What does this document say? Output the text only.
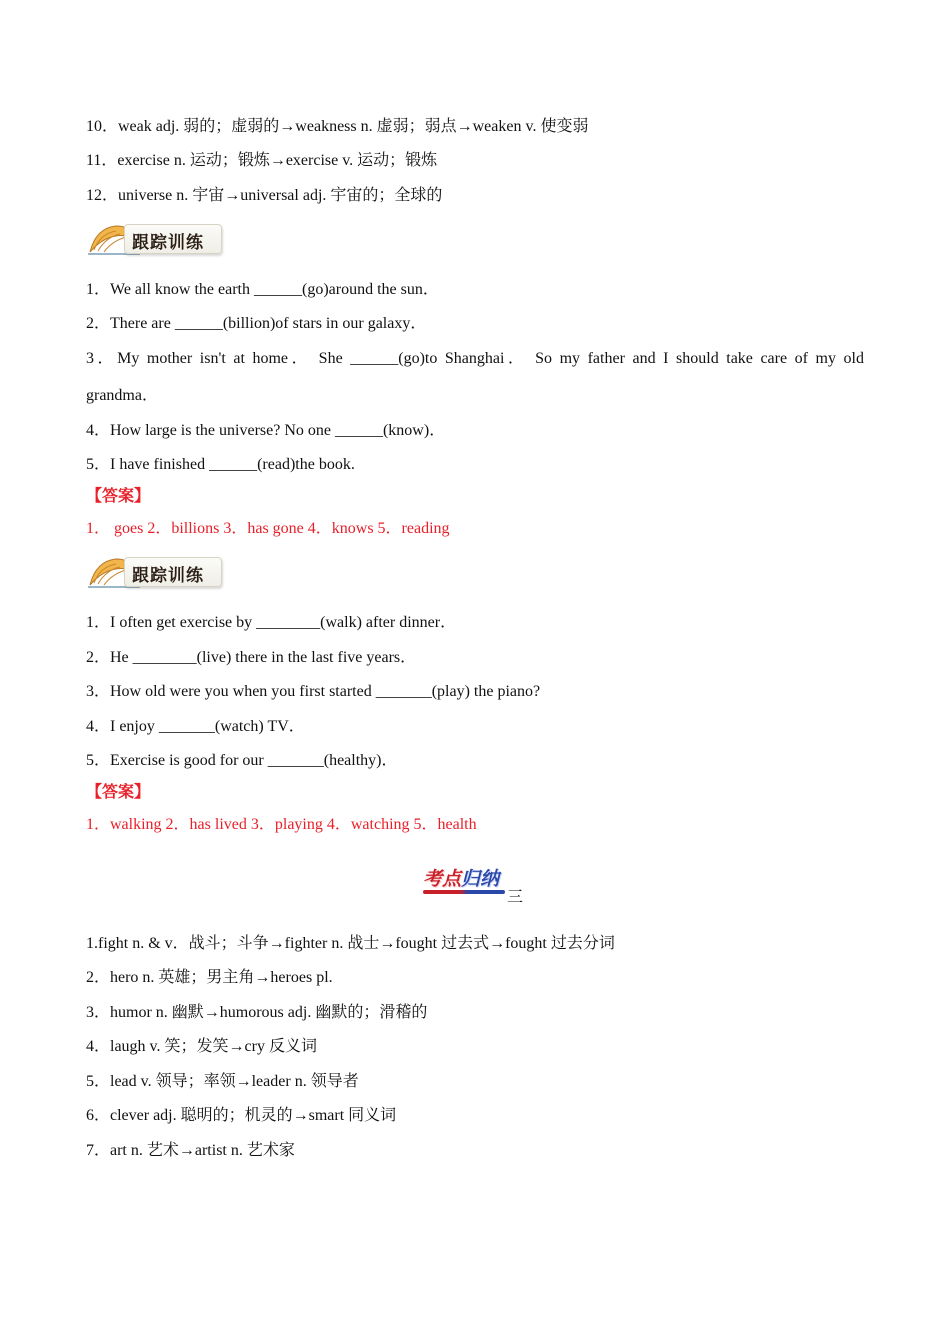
10．weak adj. 弱的；虚弱的→weakness n. 虚弱；弱点→weaken v. 使变弱
11．exercise n. 运动；锻炼→exercise v. 运动；锻炼
12．universe n. 宇宙→universal adj. 宇宙的；全球的
跟踪训练
1．We all know the earth ______(go)around the sun．
2．There are ______(billion)of stars in our galaxy．
3．My mother isn't at home． She ______(go)to Shanghai． So my father and I should take care of my old
grandma．
4．How large is the universe? No one ______(know)．
5．I have finished ______(read)the book.
【答案】
1． goes 2．billions 3．has gone 4．knows 5．reading
跟踪训练
1．I often get exercise by ________(walk) after dinner．
2．He ________(live) there in the last five years．
3．How old were you when you first started _______(play) the piano?
4．I enjoy _______(watch) TV．
5．Exercise is good for our _______(healthy)．
【答案】
1．walking 2．has lived 3．playing 4．watching 5．health
考点归纳
三
1.fight n. & v．战斗；斗争→fighter n. 战士→fought 过去式→fought 过去分词
2．hero n. 英雄；男主角→heroes pl.
3．humor n. 幽默→humorous adj. 幽默的；滑稽的
4．laugh v. 笑；发笑→cry 反义词
5．lead v. 领导；率领→leader n. 领导者
6．clever adj. 聪明的；机灵的→smart 同义词
7．art n. 艺术→artist n. 艺术家
